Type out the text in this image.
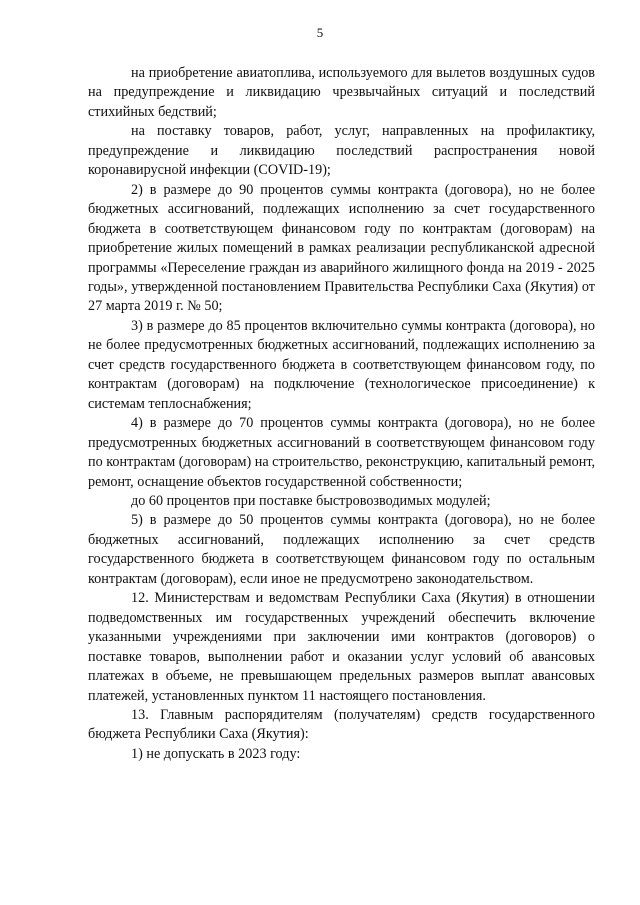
5

на приобретение авиатоплива, используемого для вылетов воздушных судов на предупреждение и ликвидацию чрезвычайных ситуаций и последствий стихийных бедствий;

на поставку товаров, работ, услуг, направленных на профилактику, предупреждение и ликвидацию последствий распространения новой коронавирусной инфекции (COVID-19);

2) в размере до 90 процентов суммы контракта (договора), но не более бюджетных ассигнований, подлежащих исполнению за счет государственного бюджета в соответствующем финансовом году по контрактам (договорам) на приобретение жилых помещений в рамках реализации республиканской адресной программы «Переселение граждан из аварийного жилищного фонда на 2019 - 2025 годы», утвержденной постановлением Правительства Республики Саха (Якутия) от 27 марта 2019 г. № 50;

3) в размере до 85 процентов включительно суммы контракта (договора), но не более предусмотренных бюджетных ассигнований, подлежащих исполнению за счет средств государственного бюджета в соответствующем финансовом году, по контрактам (договорам) на подключение (технологическое присоединение) к системам теплоснабжения;

4) в размере до 70 процентов суммы контракта (договора), но не более предусмотренных бюджетных ассигнований в соответствующем финансовом году по контрактам (договорам) на строительство, реконструкцию, капитальный ремонт, ремонт, оснащение объектов государственной собственности;

до 60 процентов при поставке быстровозводимых модулей;

5) в размере до 50 процентов суммы контракта (договора), но не более бюджетных ассигнований, подлежащих исполнению за счет средств государственного бюджета в соответствующем финансовом году по остальным контрактам (договорам), если иное не предусмотрено законодательством.

12. Министерствам и ведомствам Республики Саха (Якутия) в отношении подведомственных им государственных учреждений обеспечить включение указанными учреждениями при заключении ими контрактов (договоров) о поставке товаров, выполнении работ и оказании услуг условий об авансовых платежах в объеме, не превышающем предельных размеров выплат авансовых платежей, установленных пунктом 11 настоящего постановления.

13. Главным распорядителям (получателям) средств государственного бюджета Республики Саха (Якутия):

1) не допускать в 2023 году:
